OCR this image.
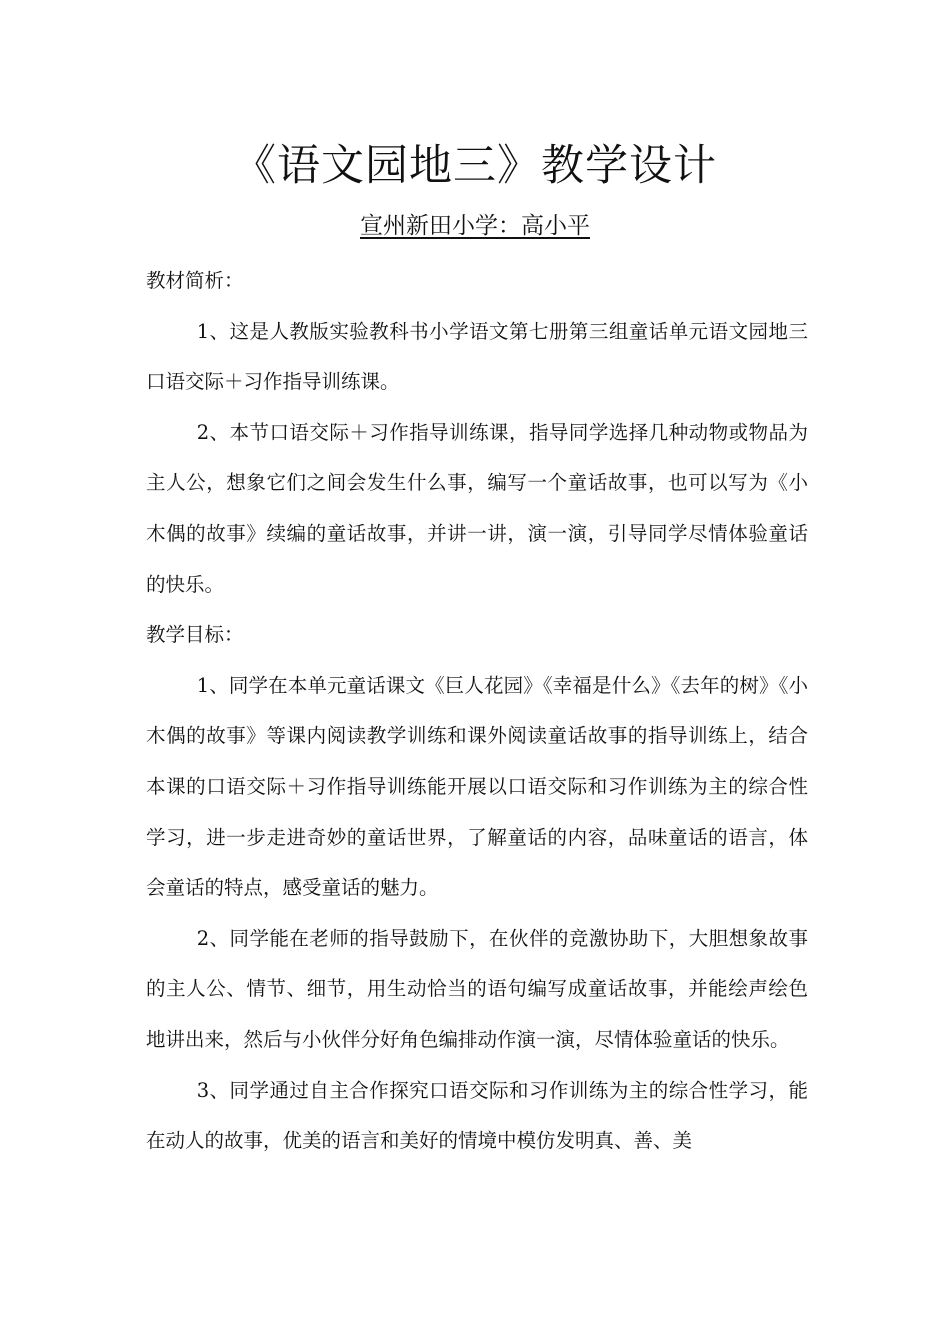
《语文园地三》教学设计
宣州新田小学：高小平

教材简析：

1、这是人教版实验教科书小学语文第七册第三组童话单元语文园地三口语交际＋习作指导训练课。

2、本节口语交际＋习作指导训练课，指导同学选择几种动物或物品为主人公，想象它们之间会发生什么事，编写一个童话故事，也可以写为《小木偶的故事》续编的童话故事，并讲一讲，演一演，引导同学尽情体验童话的快乐。

教学目标：

1、同学在本单元童话课文《巨人花园》《幸福是什么》《去年的树》《小木偶的故事》等课内阅读教学训练和课外阅读童话故事的指导训练上，结合本课的口语交际＋习作指导训练能开展以口语交际和习作训练为主的综合性学习，进一步走进奇妙的童话世界，了解童话的内容，品味童话的语言，体会童话的特点，感受童话的魅力。

2、同学能在老师的指导鼓励下，在伙伴的竞激协助下，大胆想象故事的主人公、情节、细节，用生动恰当的语句编写成童话故事，并能绘声绘色地讲出来，然后与小伙伴分好角色编排动作演一演，尽情体验童话的快乐。

3、同学通过自主合作探究口语交际和习作训练为主的综合性学习，能在动人的故事，优美的语言和美好的情境中模仿发明真、善、美
